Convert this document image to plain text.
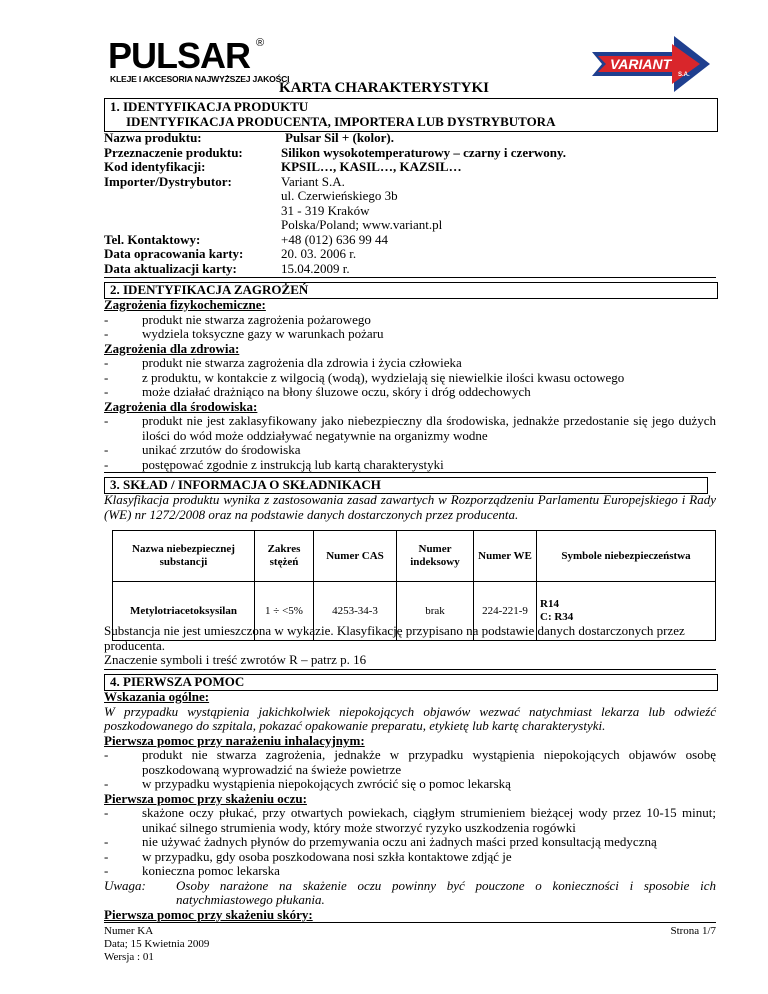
PULSAR ®
KLEJE I AKCESORIA NAJWYŻSZEJ JAKOŚCI
VARIANT
S.A.
KARTA CHARAKTERYSTYKI
1. IDENTYFIKACJA PRODUKTU
IDENTYFIKACJA PRODUCENTA, IMPORTERA LUB DYSTRYBUTORA
Nazwa produktu:	Pulsar Sil + (kolor).
Przeznaczenie produktu:	Silikon wysokotemperaturowy – czarny i czerwony.
Kod identyfikacji:	KPSIL…, KASIL…, KAZSIL…
Importer/Dystrybutor:	Variant S.A.
ul. Czerwieńskiego 3b
31 - 319 Kraków
Polska/Poland; www.variant.pl
Tel. Kontaktowy:	+48 (012) 636 99 44
Data opracowania karty:	20. 03. 2006 r.
Data aktualizacji karty:	15.04.2009 r.
2. IDENTYFIKACJA ZAGROŻEŃ
Zagrożenia fizykochemiczne:
-	produkt nie stwarza zagrożenia pożarowego
-	wydziela toksyczne gazy w warunkach pożaru
Zagrożenia dla zdrowia:
-	produkt nie stwarza zagrożenia dla zdrowia i życia człowieka
-	z produktu, w kontakcie z wilgocią (wodą), wydzielają się niewielkie ilości kwasu octowego
-	może działać drażniąco na błony śluzowe oczu, skóry i dróg oddechowych
Zagrożenia dla środowiska:
-	produkt nie jest zaklasyfikowany jako niebezpieczny dla środowiska, jednakże przedostanie się jego dużych ilości do wód może oddziaływać negatywnie na organizmy wodne
-	unikać zrzutów do środowiska
-	postępować zgodnie z instrukcją lub kartą charakterystyki
3. SKŁAD / INFORMACJA O SKŁADNIKACH
Klasyfikacja produktu wynika z zastosowania zasad zawartych w Rozporządzeniu Parlamentu Europejskiego i Rady (WE) nr 1272/2008 oraz na podstawie danych dostarczonych przez producenta.
Nazwa niebezpiecznej substancji	Zakres stężeń	Numer CAS	Numer indeksowy	Numer WE	Symbole niebezpieczeństwa
Metylotriacetoksysilan	1 ÷ <5%	4253-34-3	brak	224-221-9	R14
C: R34
Substancja nie jest umieszczona w wykazie. Klasyfikację przypisano na podstawie danych dostarczonych przez producenta.
Znaczenie symboli i treść zwrotów R – patrz p. 16
4. PIERWSZA POMOC
Wskazania ogólne:
W przypadku wystąpienia jakichkolwiek niepokojących objawów wezwać natychmiast lekarza lub odwieźć poszkodowanego do szpitala, pokazać opakowanie preparatu, etykietę lub kartę charakterystyki.
Pierwsza pomoc przy narażeniu inhalacyjnym:
-	produkt nie stwarza zagrożenia, jednakże w przypadku wystąpienia niepokojących objawów osobę poszkodowaną wyprowadzić na świeże powietrze
-	w przypadku wystąpienia niepokojących zwrócić się o pomoc lekarską
Pierwsza pomoc przy skażeniu oczu:
-	skażone oczy płukać, przy otwartych powiekach, ciągłym strumieniem bieżącej wody przez 10-15 minut; unikać silnego strumienia wody, który może stworzyć ryzyko uszkodzenia rogówki
-	nie używać żadnych płynów do przemywania oczu ani żadnych maści przed konsultacją medyczną
-	w przypadku, gdy osoba poszkodowana nosi szkła kontaktowe zdjąć je
-	konieczna pomoc lekarska
Uwaga: Osoby narażone na skażenie oczu powinny być pouczone o konieczności i sposobie ich natychmiastowego płukania.
Pierwsza pomoc przy skażeniu skóry:
Numer KA
Data; 15 Kwietnia 2009
Wersja : 01
Strona 1/7
